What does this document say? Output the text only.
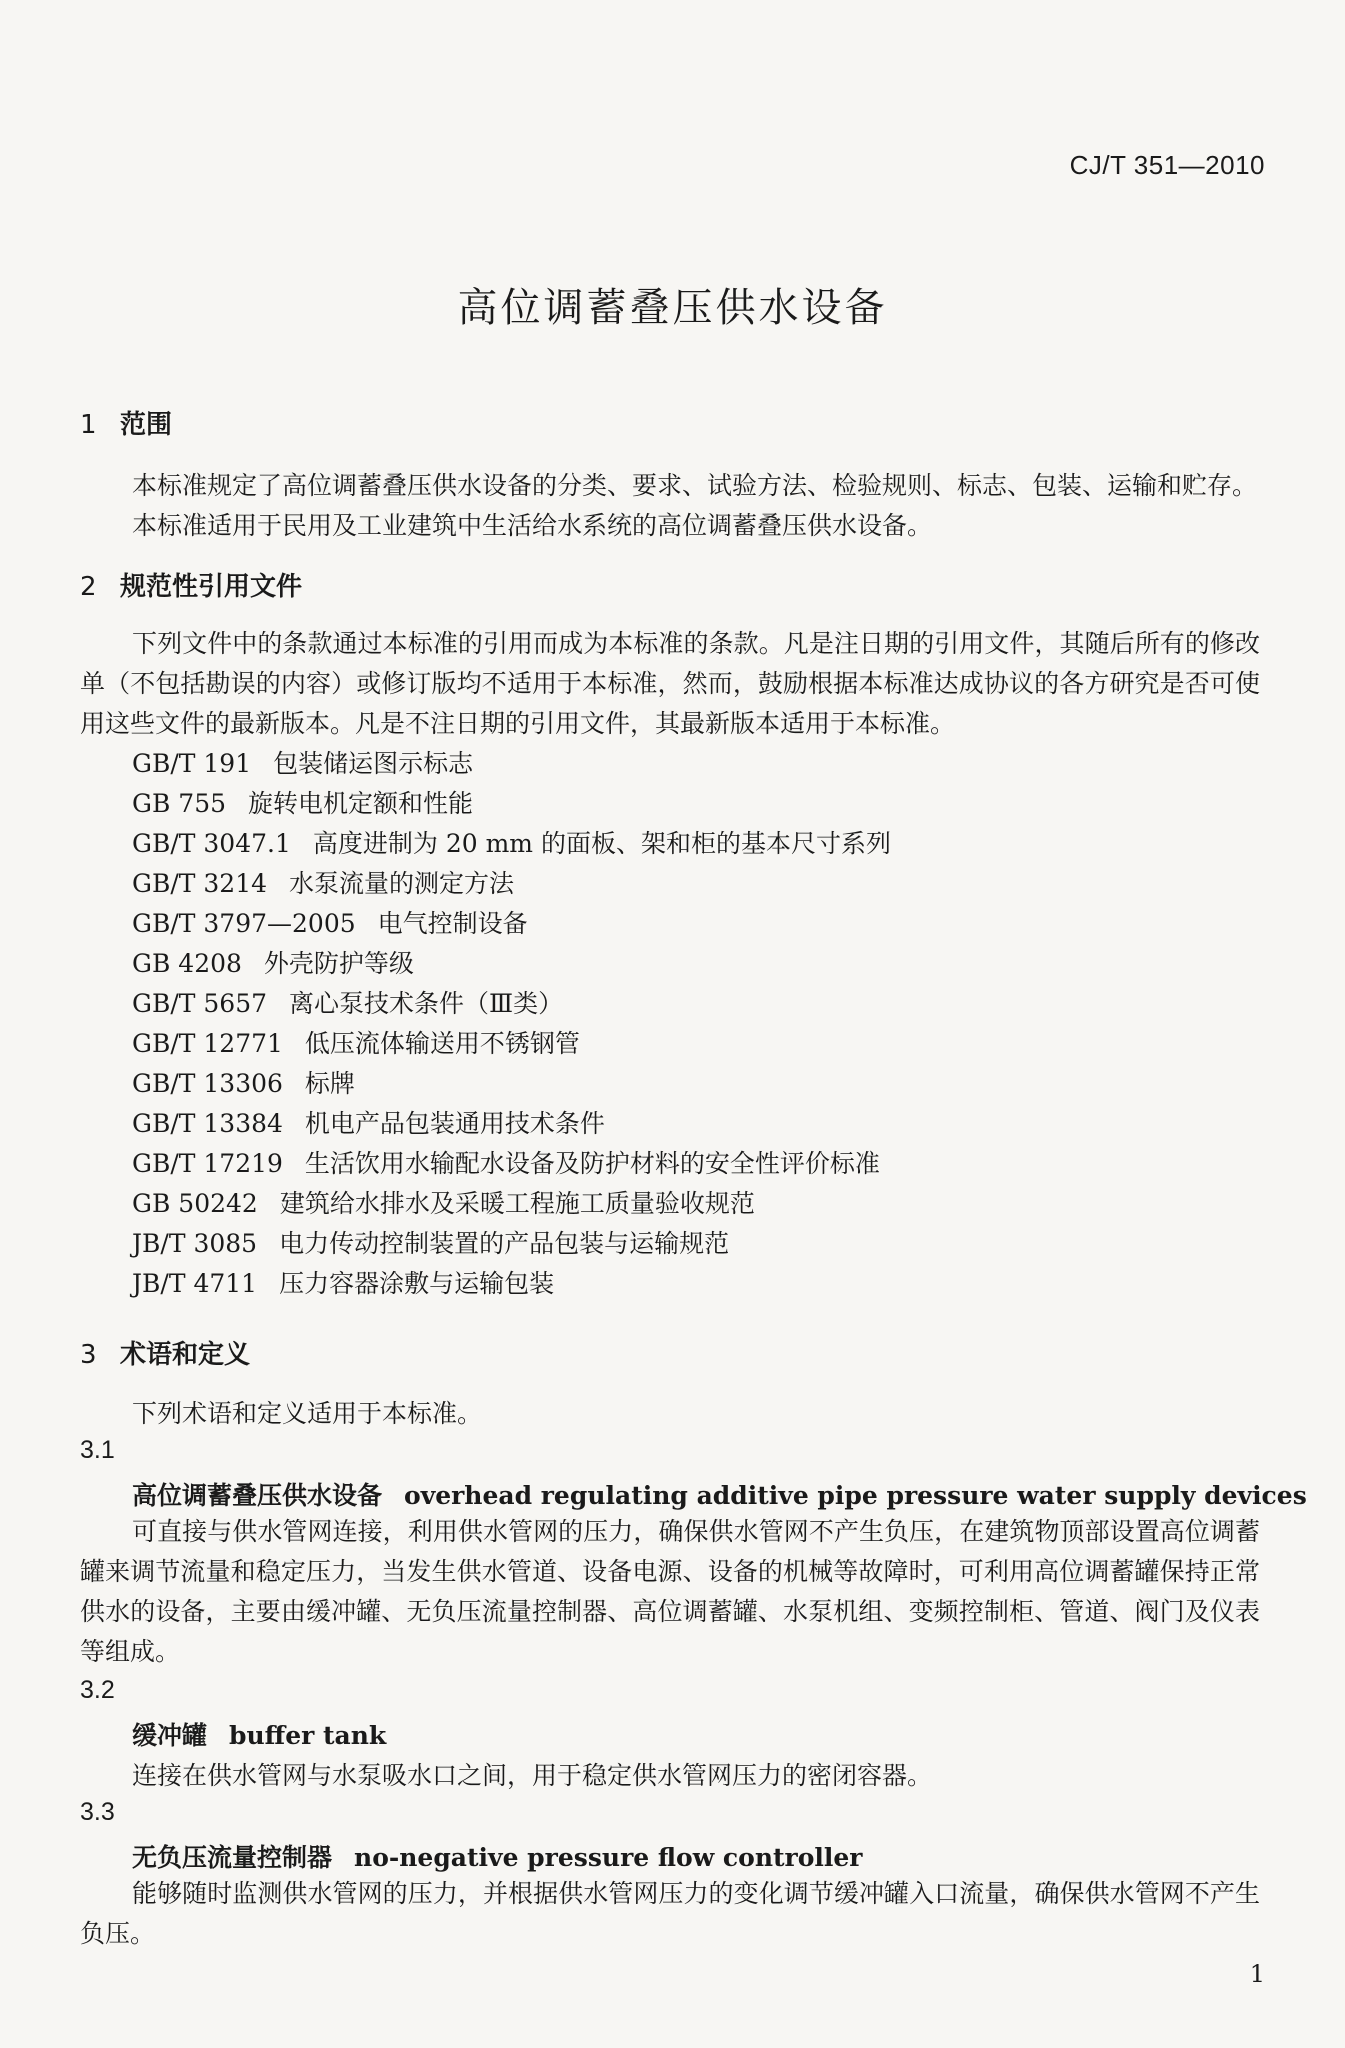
CJ/T 351—2010
高位调蓄叠压供水设备
1 范围
本标准规定了高位调蓄叠压供水设备的分类、要求、试验方法、检验规则、标志、包装、运输和贮存。
本标准适用于民用及工业建筑中生活给水系统的高位调蓄叠压供水设备。
2 规范性引用文件
下列文件中的条款通过本标准的引用而成为本标准的条款。凡是注日期的引用文件，其随后所有的修改单（不包括勘误的内容）或修订版均不适用于本标准，然而，鼓励根据本标准达成协议的各方研究是否可使用这些文件的最新版本。凡是不注日期的引用文件，其最新版本适用于本标准。
GB/T 191 包装储运图示标志
GB 755 旋转电机定额和性能
GB/T 3047.1 高度进制为 20 mm 的面板、架和柜的基本尺寸系列
GB/T 3214 水泵流量的测定方法
GB/T 3797—2005 电气控制设备
GB 4208 外壳防护等级
GB/T 5657 离心泵技术条件（Ⅲ类）
GB/T 12771 低压流体输送用不锈钢管
GB/T 13306 标牌
GB/T 13384 机电产品包装通用技术条件
GB/T 17219 生活饮用水输配水设备及防护材料的安全性评价标准
GB 50242 建筑给水排水及采暖工程施工质量验收规范
JB/T 3085 电力传动控制装置的产品包装与运输规范
JB/T 4711 压力容器涂敷与运输包装
3 术语和定义
下列术语和定义适用于本标准。
3.1
高位调蓄叠压供水设备 overhead regulating additive pipe pressure water supply devices
可直接与供水管网连接，利用供水管网的压力，确保供水管网不产生负压，在建筑物顶部设置高位调蓄罐来调节流量和稳定压力，当发生供水管道、设备电源、设备的机械等故障时，可利用高位调蓄罐保持正常供水的设备，主要由缓冲罐、无负压流量控制器、高位调蓄罐、水泵机组、变频控制柜、管道、阀门及仪表等组成。
3.2
缓冲罐 buffer tank
连接在供水管网与水泵吸水口之间，用于稳定供水管网压力的密闭容器。
3.3
无负压流量控制器 no-negative pressure flow controller
能够随时监测供水管网的压力，并根据供水管网压力的变化调节缓冲罐入口流量，确保供水管网不产生负压。
1
